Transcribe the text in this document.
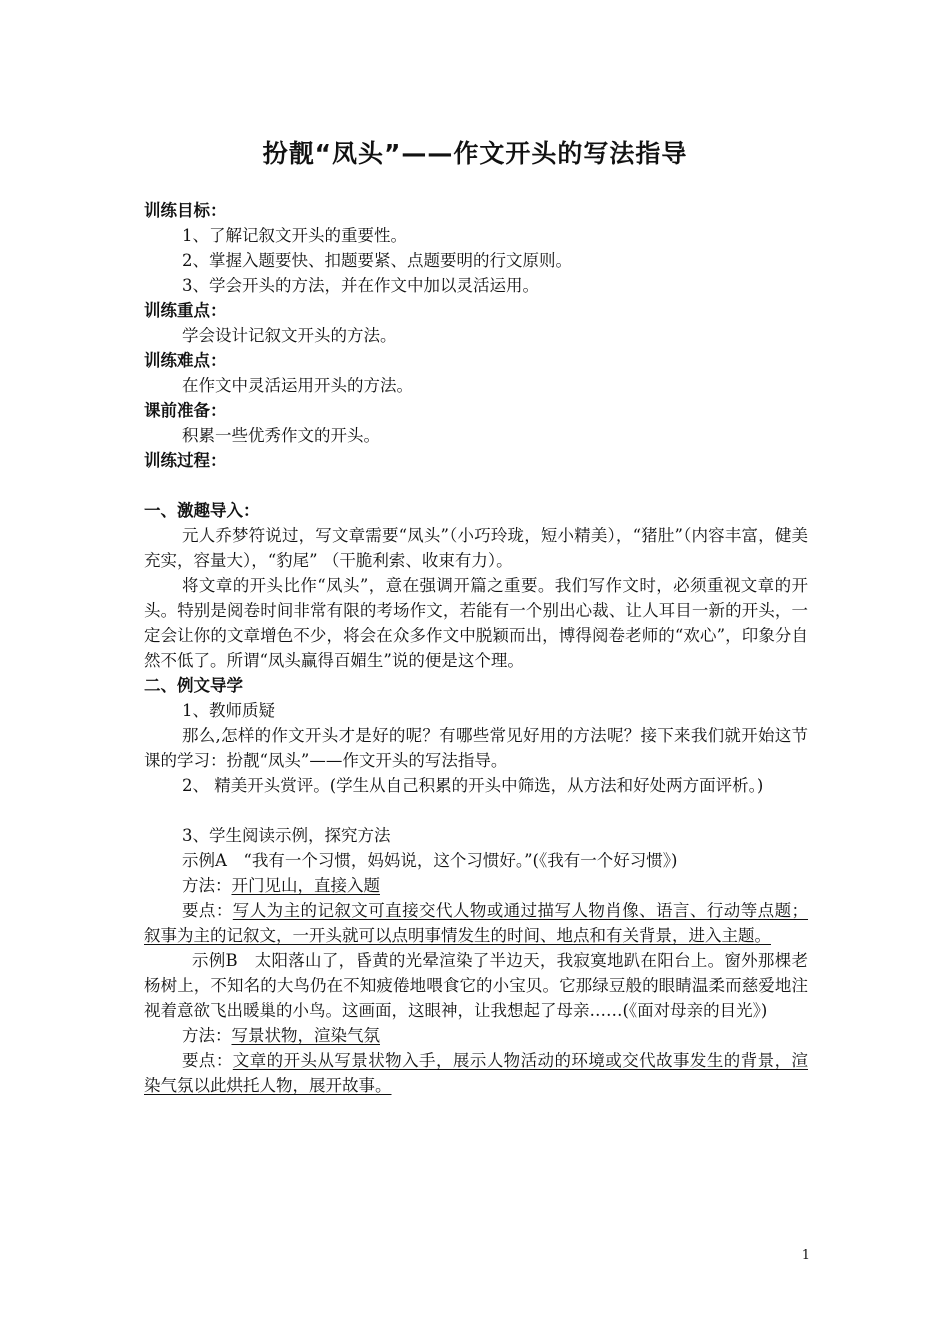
扮靓“凤头”——作文开头的写法指导
训练目标：
1、了解记叙文开头的重要性。
2、掌握入题要快、扣题要紧、点题要明的行文原则。
3、学会开头的方法，并在作文中加以灵活运用。
训练重点：
学会设计记叙文开头的方法。
训练难点：
在作文中灵活运用开头的方法。
课前准备：
积累一些优秀作文的开头。
训练过程：
一、激趣导入：
元人乔梦符说过，写文章需要“凤头”（小巧玲珑，短小精美），“猪肚”（内容丰富，健美充实，容量大），“豹尾” （干脆利索、收束有力）。
将文章的开头比作“凤头”，意在强调开篇之重要。我们写作文时，必须重视文章的开头。特别是阅卷时间非常有限的考场作文，若能有一个别出心裁、让人耳目一新的开头，一定会让你的文章增色不少，将会在众多作文中脱颖而出，博得阅卷老师的“欢心”，印象分自然不低了。所谓“凤头赢得百媚生”说的便是这个理。
二、例文导学
1、教师质疑
那么,怎样的作文开头才是好的呢？有哪些常见好用的方法呢？接下来我们就开始这节课的学习：扮靓“凤头”——作文开头的写法指导。
2、 精美开头赏评。(学生从自己积累的开头中筛选，从方法和好处两方面评析。)
3、学生阅读示例，探究方法
示例A　“我有一个习惯，妈妈说，这个习惯好。”(《我有一个好习惯》)
方法：开门见山，直接入题
要点：写人为主的记叙文可直接交代人物或通过描写人物肖像、语言、行动等点题；叙事为主的记叙文，一开头就可以点明事情发生的时间、地点和有关背景，进入主题。
示例B　太阳落山了，昏黄的光晕渲染了半边天，我寂寞地趴在阳台上。窗外那棵老杨树上，不知名的大鸟仍在不知疲倦地喂食它的小宝贝。它那绿豆般的眼睛温柔而慈爱地注视着意欲飞出暖巢的小鸟。这画面，这眼神，让我想起了母亲……(《面对母亲的目光》)
方法：写景状物，渲染气氛
要点：文章的开头从写景状物入手，展示人物活动的环境或交代故事发生的背景，渲染气氛以此烘托人物，展开故事。
1
